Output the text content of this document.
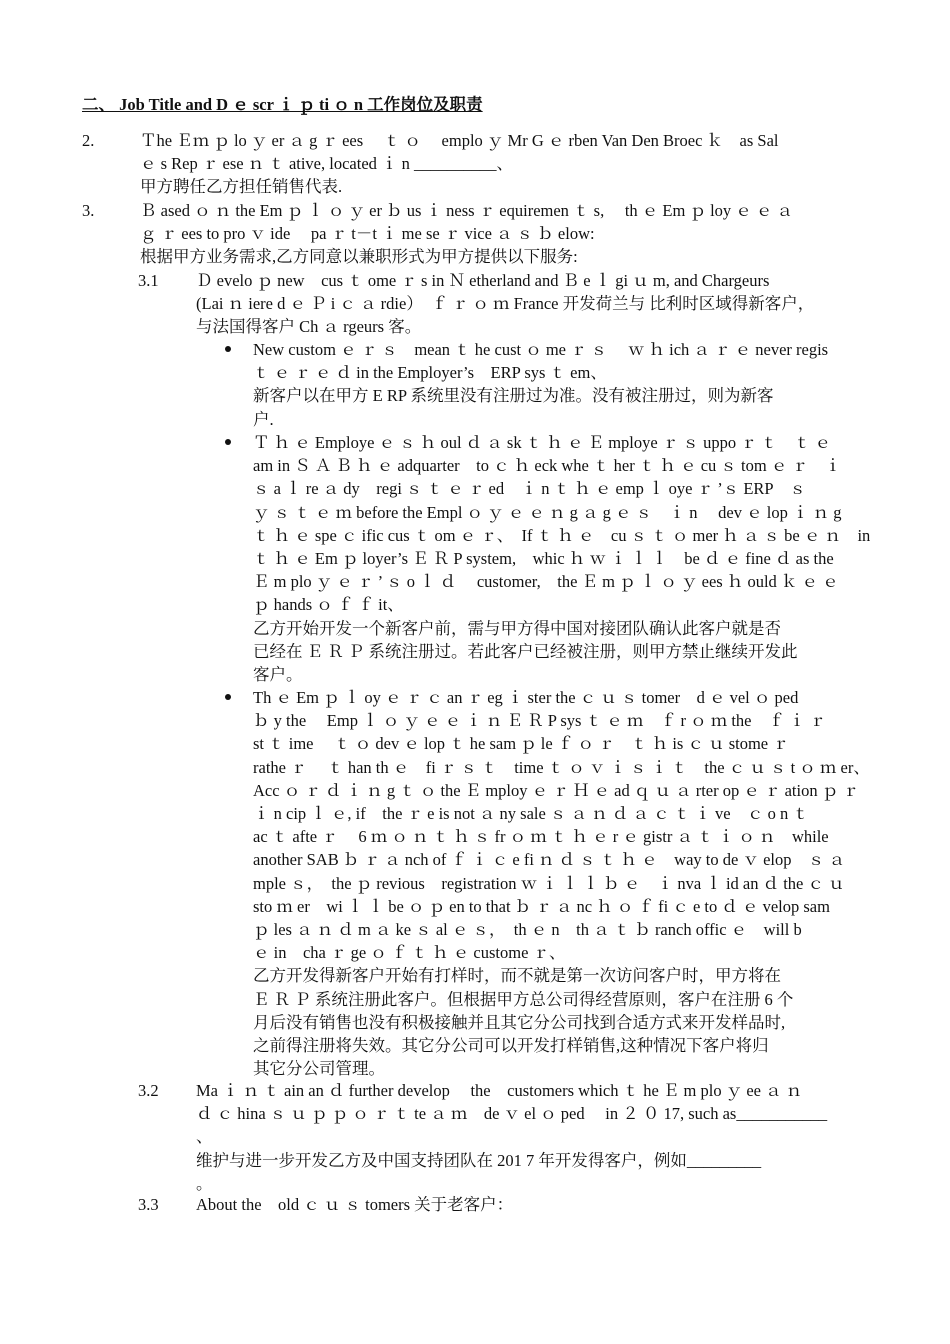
二、 Job Title and D ｅ scr ｉ ｐ ti ｏ n 工作岗位及职责
2.	Ｔhe Ｅｍ ｐ lo ｙ er ａ g ｒ ees　 ｔ ｏ　 emplo ｙ Mr G ｅ rben Van Den Broec ｋ　as Sal
ｅ s Rep ｒ ese ｎ ｔ ative, located ｉ n __________、
甲方聘任乙方担任销售代表.
3.	Ｂ ased ｏ ｎ the Em ｐ ｌ ｏ ｙ er ｂ us ｉ ness ｒ equiremen ｔ s,　 th ｅ Em ｐ loy ｅ ｅ ａ
ｇ ｒ ees to pro ｖ ide　 pa ｒ t－t ｉ me se ｒ vice ａ ｓ ｂ elow:
根据甲方业务需求,乙方同意以兼职形式为甲方提供以下服务:
3.1 Ｄ evelo ｐ new　cus ｔ ome ｒ s in Ｎ etherland and Ｂ e ｌ gi ｕ m, and Chargeurs
(Lai ｎ iere d ｅ Ｐ i ｃ ａ rdie）　ｆ ｒ ｏ ｍ France 开发荷兰与 比利时区域得新客户，
与法国得客户 Ch ａ rgeurs 客。
New custom ｅ ｒ ｓ　mean ｔ he cust ｏ me ｒ ｓ　 ｗ ｈ ich ａ ｒ ｅ never regis
ｔ ｅ ｒ ｅ ｄ in the Employer’s　ERP sys ｔ em、
新客户以在甲方 E RP 系统里没有注册过为准。没有被注册过，则为新客
户.
Ｔ ｈ ｅ Employe ｅ ｓ ｈ oul ｄ ａ sk ｔ ｈ ｅ Ｅ mploye ｒ ｓ uppo ｒ ｔ　ｔ ｅ
am in Ｓ Ａ Ｂ ｈ ｅ adquarter　to ｃ ｈ eck whe ｔ her ｔ ｈ ｅ cu ｓ tom ｅ ｒ　ｉ
ｓ a ｌ re ａ dy　regi ｓ ｔ ｅ ｒ ed　ｉ n ｔ ｈ ｅ emp ｌ oye ｒ ’ｓ ERP　ｓ
ｙ ｓ ｔ ｅ ｍ before the Empl ｏ ｙ ｅ ｅ ｎ g ａ g ｅ ｓ　ｉ n　 dev ｅ lop ｉ ｎ g
ｔ ｈ ｅ spe ｃ ific cus ｔ om ｅ ｒ、　If ｔ ｈ ｅ　cu ｓ ｔ ｏ mer ｈ ａ ｓ be ｅ ｎ　in
ｔ ｈ ｅ Em ｐ loyer’s Ｅ Ｒ P system,　whic ｈ ｗ ｉ ｌ ｌ　be ｄ ｅ fine ｄ as the
Ｅ m plo ｙ ｅ ｒ ’ ｓ o ｌ ｄ　 customer,　the Ｅ m ｐ ｌ ｏ ｙ ees ｈ ould ｋ ｅ ｅ
ｐ hands ｏ ｆ ｆ it、
乙方开始开发一个新客户前，需与甲方得中国对接团队确认此客户就是否
已经在 Ｅ Ｒ Ｐ 系统注册过。若此客户已经被注册，则甲方禁止继续开发此
客户。
Th ｅ Em ｐ ｌ oy ｅ ｒ ｃ an ｒ eg ｉ ster the ｃ ｕ ｓ tomer　d ｅ vel ｏ ped
ｂ y the　 Emp ｌ ｏ ｙ ｅ ｅ ｉ ｎ Ｅ Ｒ P sys ｔ ｅ ｍ　ｆ r ｏ ｍ the　ｆ ｉ ｒ
st ｔ ime　 ｔ ｏ dev ｅ lop ｔ he sam ｐ le ｆ ｏ ｒ　ｔ ｈ is ｃ ｕ stome ｒ
rathe ｒ　 ｔ han th ｅ　fi ｒ ｓ ｔ　time ｔ ｏ ｖ ｉ ｓ ｉ ｔ　the ｃ ｕ ｓ t ｏ ｍ er、
Acc ｏ ｒ ｄ ｉ ｎ g ｔ ｏ the Ｅ mploy ｅ ｒ Ｈ ｅ ad ｑ ｕ ａ rter op ｅ ｒ ation ｐ ｒ
ｉ n cip ｌ ｅ, if　the ｒ e is not ａ ny sale ｓ ａ ｎ ｄ ａ ｃ ｔ ｉ ve　ｃ o n ｔ
ac ｔ afte ｒ　 6 ｍ ｏ ｎ ｔ ｈ ｓ fr ｏ ｍ ｔ ｈ ｅ r ｅ gistr ａ ｔ ｉ ｏ ｎ　while
another SAB ｂ ｒ ａ nch of ｆ ｉ ｃ e fi ｎ ｄ ｓ ｔ ｈ ｅ　way to de ｖ elop　ｓ ａ
mple ｓ，　the ｐ revious　registration ｗ ｉ ｌ ｌ ｂ ｅ　ｉ nva ｌ id an ｄ the ｃ ｕ
sto ｍ er　wi ｌ ｌ be ｏ ｐ en to that ｂ ｒ ａ nc ｈ ｏ ｆ fi ｃ e to ｄ ｅ velop sam
ｐ les ａ ｎ ｄ m ａ ke ｓ al ｅ ｓ，　th ｅ n　th ａ ｔ ｂ ranch offic ｅ　will b
ｅ in　cha ｒ ge ｏ ｆ ｔ ｈ ｅ custome ｒ、
乙方开发得新客户开始有打样时，而不就是第一次访问客户时，甲方将在
Ｅ Ｒ Ｐ 系统注册此客户。但根据甲方总公司得经营原则，客户在注册 6 个
月后没有销售也没有积极接触并且其它分公司找到合适方式来开发样品时,
之前得注册将失效。其它分公司可以开发打样销售,这种情况下客户将归
其它分公司管理。
3.2 Ma ｉ ｎ ｔ ain an ｄ further develop　 the　customers which ｔ he Ｅ m plo ｙ ee ａ ｎ
ｄ ｃ hina ｓ ｕ ｐ ｐ ｏ ｒ ｔ te ａ ｍ　de ｖ el ｏ ped　 in ２ ０ 17, such as___________
、
维护与进一步开发乙方及中国支持团队在 201 7 年开发得客户，例如_________
。
3.3 About the　old ｃ ｕ ｓ tomers 关于老客户：
